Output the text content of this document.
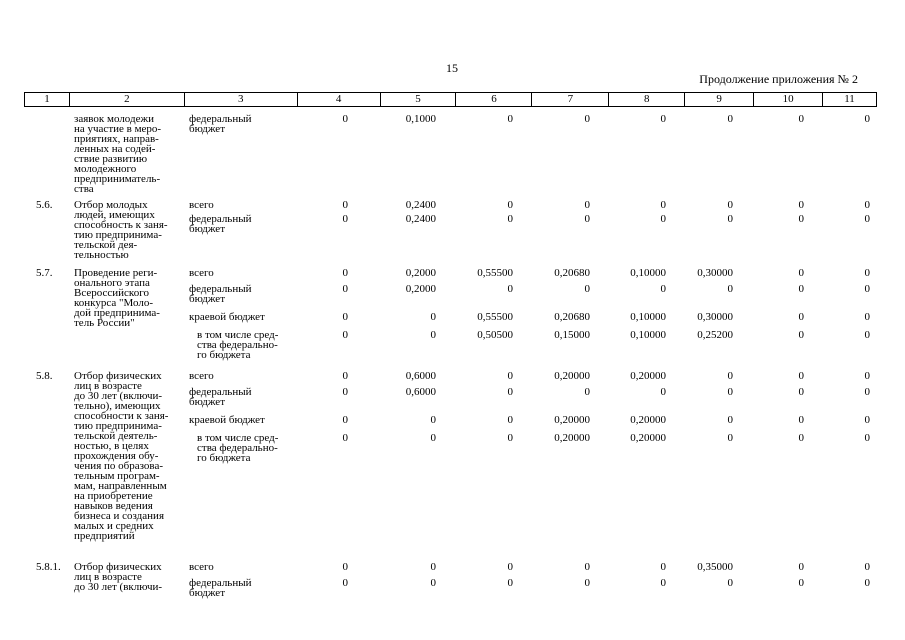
15
Продолжение приложения № 2
1	2	3	4	5	6	7	8	9	10	11
заявок молодежи
на участие в меро-
приятиях, направ-
ленных на содей-
ствие развитию
молодежного
предприниматель-
ства
федеральный
бюджет
0	0,1000	0	0	0	0	0	0
5.6. Отбор молодых
людей, имеющих
способность к заня-
тию предпринима-
тельской дея-
тельностью
всего	0	0,2400	0	0	0	0	0	0
федеральный
бюджет
0	0,2400	0	0	0	0	0	0
5.7. Проведение реги-
онального этапа
Всероссийского
конкурса "Моло-
дой предпринима-
тель России"
всего	0	0,2000	0,55500	0,20680	0,10000	0,30000	0	0
федеральный
бюджет
0	0,2000	0	0	0	0	0	0
краевой бюджет	0	0	0,55500	0,20680	0,10000	0,30000	0	0
в том числе сред-
ства федерально-
го бюджета
0	0	0,50500	0,15000	0,10000	0,25200	0	0
5.8. Отбор физических
лиц в возрасте
до 30 лет (включи-
тельно), имеющих
способности к заня-
тию предпринима-
тельской деятель-
ностью, в целях
прохождения обу-
чения по образова-
тельным програм-
мам, направленным
на приобретение
навыков ведения
бизнеса и создания
малых и средних
предприятий
всего	0	0,6000	0	0,20000	0,20000	0	0	0
федеральный
бюджет
0	0,6000	0	0	0	0	0	0
краевой бюджет	0	0	0	0,20000	0,20000	0	0	0
в том числе сред-
ства федерально-
го бюджета
0	0	0	0,20000	0,20000	0	0	0
5.8.1. Отбор физических
лиц в возрасте
до 30 лет (включи-
всего	0	0	0	0	0	0,35000	0	0
федеральный
бюджет
0	0	0	0	0	0	0	0
